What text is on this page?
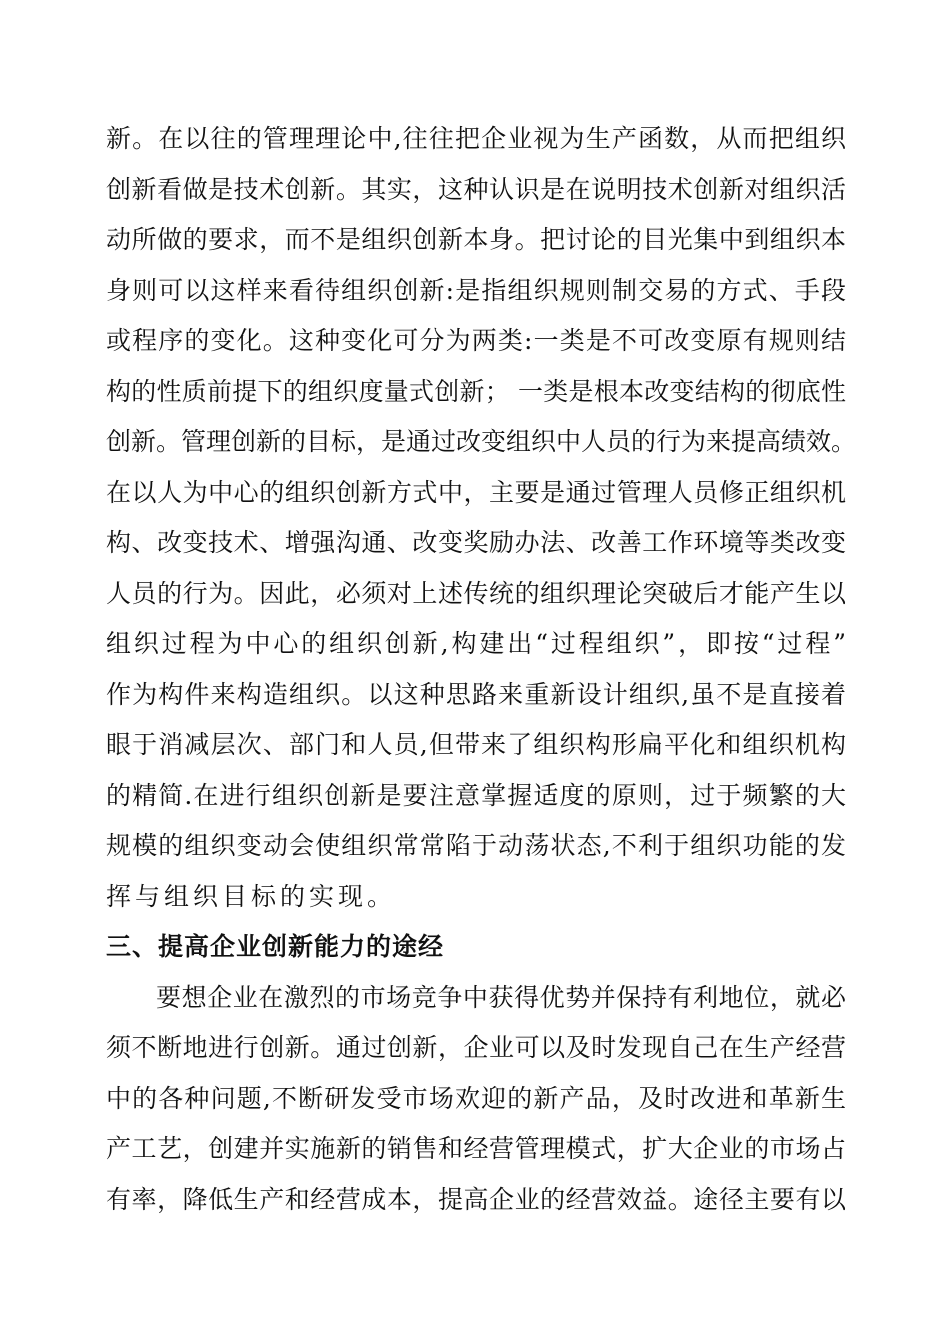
新。在以往的管理理论中,往往把企业视为生产函数，从而把组织
创新看做是技术创新。其实，这种认识是在说明技术创新对组织活
动所做的要求，而不是组织创新本身。把讨论的目光集中到组织本
身则可以这样来看待组织创新:是指组织规则制交易的方式、手段
或程序的变化。这种变化可分为两类:一类是不可改变原有规则结
构的性质前提下的组织度量式创新； 一类是根本改变结构的彻底性
创新。管理创新的目标，是通过改变组织中人员的行为来提高绩效。
在以人为中心的组织创新方式中，主要是通过管理人员修正组织机
构、改变技术、增强沟通、改变奖励办法、改善工作环境等类改变
人员的行为。因此，必须对上述传统的组织理论突破后才能产生以
组织过程为中心的组织创新,构建出“过程组织”，即按“过程”
作为构件来构造组织。以这种思路来重新设计组织,虽不是直接着
眼于消减层次、部门和人员,但带来了组织构形扁平化和组织机构
的精简.在进行组织创新是要注意掌握适度的原则，过于频繁的大
规模的组织变动会使组织常常陷于动荡状态,不利于组织功能的发
挥与组织目标的实现。
三、提高企业创新能力的途经
要想企业在激烈的市场竞争中获得优势并保持有利地位，就必
须不断地进行创新。通过创新，企业可以及时发现自己在生产经营
中的各种问题,不断研发受市场欢迎的新产品，及时改进和革新生
产工艺，创建并实施新的销售和经营管理模式，扩大企业的市场占
有率，降低生产和经营成本，提高企业的经营效益。途径主要有以
